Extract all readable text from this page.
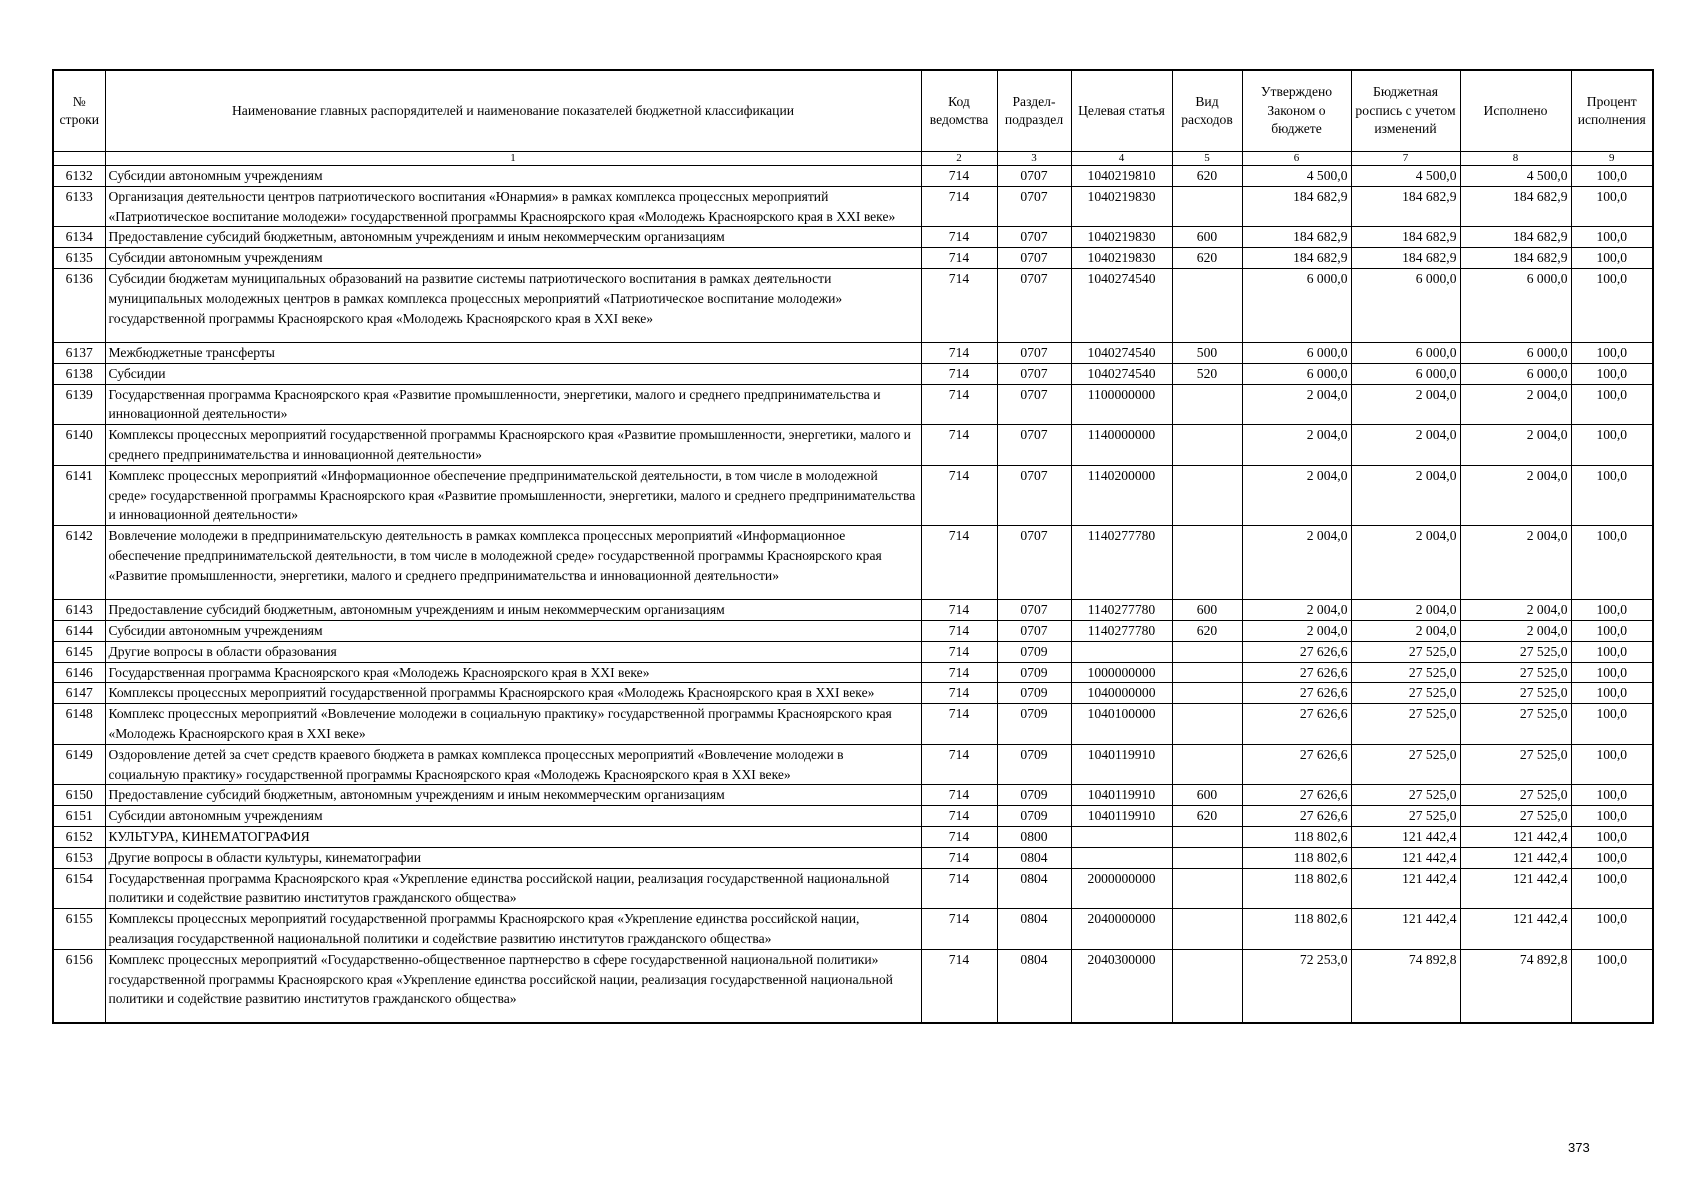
№ строки	Наименование главных распорядителей и наименование показателей бюджетной классификации	Код ведомства	Раздел-подраздел	Целевая статья	Вид расходов	Утверждено Законом о бюджете	Бюджетная роспись с учетом изменений	Исполнено	Процент исполнения
	1	2	3	4	5	6	7	8	9
6132	Субсидии автономным учреждениям	714	0707	1040219810	620	4 500,0	4 500,0	4 500,0	100,0
6133	Организация деятельности центров патриотического воспитания «Юнармия» в рамках комплекса процессных мероприятий «Патриотическое воспитание молодежи» государственной программы Красноярского края «Молодежь Красноярского края в XXI веке»	714	0707	1040219830		184 682,9	184 682,9	184 682,9	100,0
6134	Предоставление субсидий бюджетным, автономным учреждениям и иным некоммерческим организациям	714	0707	1040219830	600	184 682,9	184 682,9	184 682,9	100,0
6135	Субсидии автономным учреждениям	714	0707	1040219830	620	184 682,9	184 682,9	184 682,9	100,0
6136	Субсидии бюджетам муниципальных образований на развитие системы патриотического воспитания в рамках деятельности муниципальных молодежных центров в рамках комплекса процессных мероприятий «Патриотическое воспитание молодежи» государственной программы Красноярского края «Молодежь Красноярского края в XXI веке»	714	0707	1040274540		6 000,0	6 000,0	6 000,0	100,0
6137	Межбюджетные трансферты	714	0707	1040274540	500	6 000,0	6 000,0	6 000,0	100,0
6138	Субсидии	714	0707	1040274540	520	6 000,0	6 000,0	6 000,0	100,0
6139	Государственная программа Красноярского края «Развитие промышленности, энергетики, малого и среднего предпринимательства и инновационной деятельности»	714	0707	1100000000		2 004,0	2 004,0	2 004,0	100,0
6140	Комплексы процессных мероприятий государственной программы Красноярского края «Развитие промышленности, энергетики, малого и среднего предпринимательства и инновационной деятельности»	714	0707	1140000000		2 004,0	2 004,0	2 004,0	100,0
6141	Комплекс процессных мероприятий «Информационное обеспечение предпринимательской деятельности, в том числе в молодежной среде» государственной программы Красноярского края «Развитие промышленности, энергетики, малого и среднего предпринимательства и инновационной деятельности»	714	0707	1140200000		2 004,0	2 004,0	2 004,0	100,0
6142	Вовлечение молодежи в предпринимательскую деятельность в рамках комплекса процессных мероприятий «Информационное обеспечение предпринимательской деятельности, в том числе в молодежной среде» государственной программы Красноярского края «Развитие промышленности, энергетики, малого и среднего предпринимательства и инновационной деятельности»	714	0707	1140277780		2 004,0	2 004,0	2 004,0	100,0
6143	Предоставление субсидий бюджетным, автономным учреждениям и иным некоммерческим организациям	714	0707	1140277780	600	2 004,0	2 004,0	2 004,0	100,0
6144	Субсидии автономным учреждениям	714	0707	1140277780	620	2 004,0	2 004,0	2 004,0	100,0
6145	Другие вопросы в области образования	714	0709			27 626,6	27 525,0	27 525,0	100,0
6146	Государственная программа Красноярского края «Молодежь Красноярского края в XXI веке»	714	0709	1000000000		27 626,6	27 525,0	27 525,0	100,0
6147	Комплексы процессных мероприятий государственной программы Красноярского края «Молодежь Красноярского края в XXI веке»	714	0709	1040000000		27 626,6	27 525,0	27 525,0	100,0
6148	Комплекс процессных мероприятий «Вовлечение молодежи в социальную практику» государственной программы Красноярского края «Молодежь Красноярского края в XXI веке»	714	0709	1040100000		27 626,6	27 525,0	27 525,0	100,0
6149	Оздоровление детей за счет средств краевого бюджета в рамках комплекса процессных мероприятий «Вовлечение молодежи в социальную практику» государственной программы Красноярского края «Молодежь Красноярского края в XXI веке»	714	0709	1040119910		27 626,6	27 525,0	27 525,0	100,0
6150	Предоставление субсидий бюджетным, автономным учреждениям и иным некоммерческим организациям	714	0709	1040119910	600	27 626,6	27 525,0	27 525,0	100,0
6151	Субсидии автономным учреждениям	714	0709	1040119910	620	27 626,6	27 525,0	27 525,0	100,0
6152	КУЛЬТУРА, КИНЕМАТОГРАФИЯ	714	0800			118 802,6	121 442,4	121 442,4	100,0
6153	Другие вопросы в области культуры, кинематографии	714	0804			118 802,6	121 442,4	121 442,4	100,0
6154	Государственная программа Красноярского края «Укрепление единства российской нации, реализация государственной национальной политики и содействие развитию институтов гражданского общества»	714	0804	2000000000		118 802,6	121 442,4	121 442,4	100,0
6155	Комплексы процессных мероприятий государственной программы Красноярского края «Укрепление единства российской нации, реализация государственной национальной политики и содействие развитию институтов гражданского общества»	714	0804	2040000000		118 802,6	121 442,4	121 442,4	100,0
6156	Комплекс процессных мероприятий «Государственно-общественное партнерство в сфере государственной национальной политики» государственной программы Красноярского края «Укрепление единства российской нации, реализация государственной национальной политики и содействие развитию институтов гражданского общества»	714	0804	2040300000		72 253,0	74 892,8	74 892,8	100,0
373
